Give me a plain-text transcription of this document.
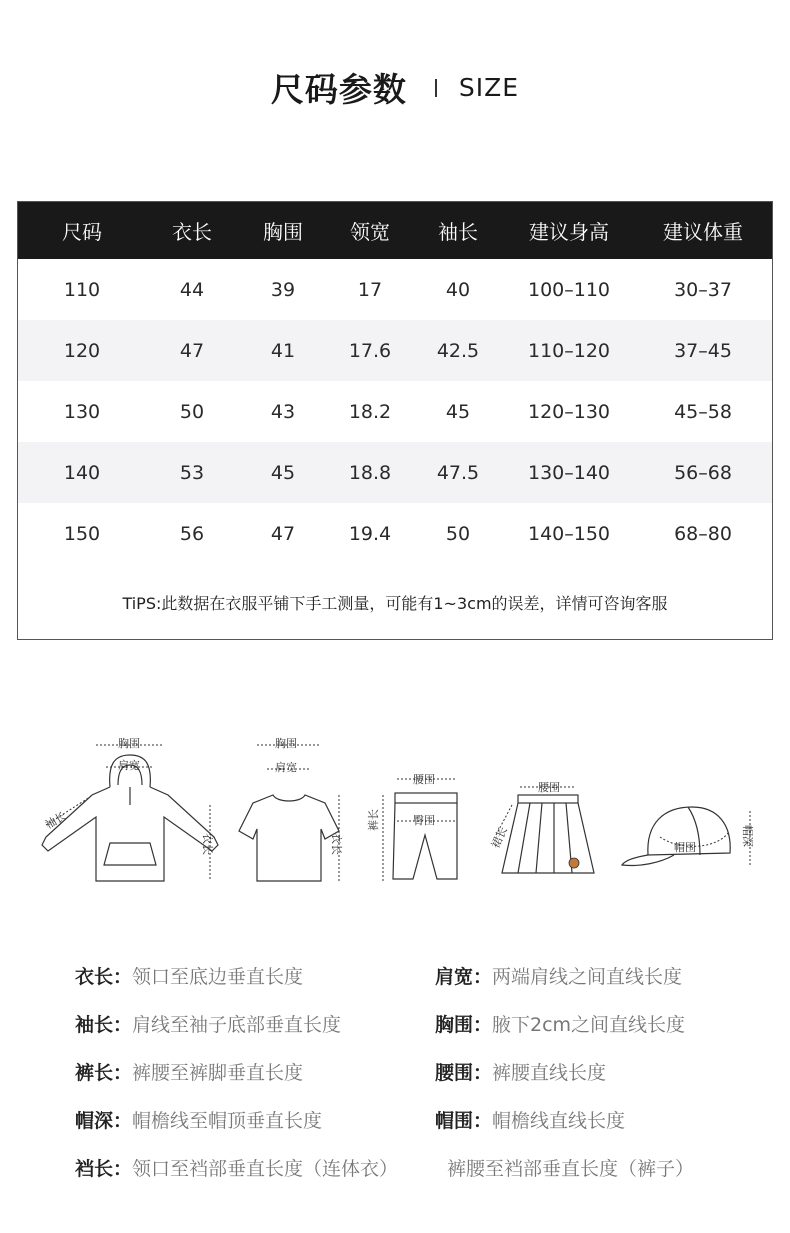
尺码参数 SIZE
尺码	衣长	胸围	领宽	袖长	建议身高	建议体重
110	44	39	17	40	100–110	30–37
120	47	41	17.6	42.5	110–120	37–45
130	50	43	18.2	45	120–130	45–58
140	53	45	18.8	47.5	130–140	56–68
150	56	47	19.4	50	140–150	68–80
TiPS:此数据在衣服平铺下手工测量，可能有1~3cm的误差，详情可咨询客服
胸围
肩宽
袖长
衣长
胸围
肩宽
衣长
腰围
臀围
裤长
腰围
裙长	帽围
帽深
衣长：领口至底边垂直长度
袖长：肩线至袖子底部垂直长度
裤长：裤腰至裤脚垂直长度
帽深：帽檐线至帽顶垂直长度
裆长：领口至裆部垂直长度（连体衣）
肩宽：两端肩线之间直线长度
胸围：腋下2cm之间直线长度
腰围：裤腰直线长度
帽围：帽檐线直线长度
裤腰至裆部垂直长度（裤子）
